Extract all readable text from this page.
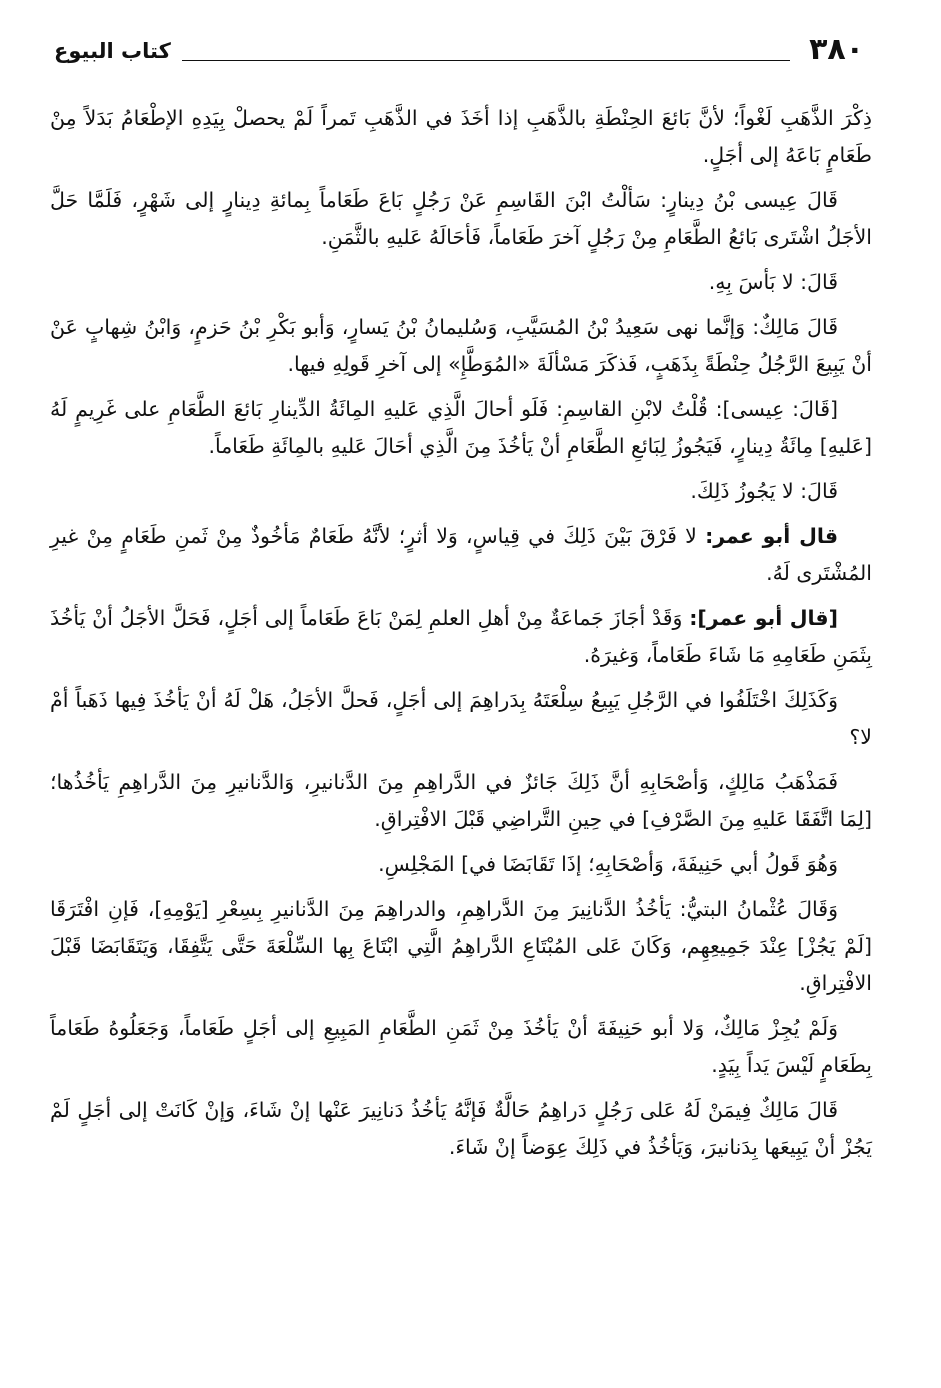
٣٨٠
كتاب البيوع

ذِكْرَ الذَّهَبِ لَغْواً؛ لأنَّ بَائعَ الحِنْطَةِ بالذَّهَبِ إذا أخَذَ في الذَّهَبِ تَمراً لَمْ يحصلْ بِيَدِهِ الإطْعَامُ بَدَلاً مِنْ طَعَامٍ بَاعَهُ إلى أجَلٍ.

قَالَ عِيسى بْنُ دِينارٍ: سَألْتُ ابْنَ القَاسِمِ عَنْ رَجُلٍ بَاعَ طَعَاماً بِمائةِ دِينارٍ إلى شَهْرٍ، فَلَمَّا حَلَّ الأجَلُ اشْتَرى بَائعُ الطَّعَامِ مِنْ رَجُلٍ آخرَ طَعَاماً، فَأحَالَهُ عَليهِ بالثَّمَنِ.

قَالَ: لا بَأسَ بِهِ.

قَالَ مَالِكٌ: وَإنَّما نهى سَعِيدُ بْنُ المُسَيَّبِ، وَسُليمانُ بْنُ يَسارٍ، وَأبو بَكْرِ بْنُ حَزمٍ، وَابْنُ شِهابٍ عَنْ أنْ يَبِيعَ الرَّجُلُ حِنْطَةً بِذَهَبٍ، فَذكَرَ مَسْألَةَ «المُوَطَّإِ» إلى آخرِ قَولِهِ فيها.

[قَالَ: عِيسى]: قُلْتُ لابْنِ القاسِمِ: فَلَو أحالَ الَّذِي عَليهِ المِائَةُ الدِّينارِ بَائعَ الطَّعَامِ على غَرِيمٍ لَهُ [عَليهِ] مِائَةُ دِينارٍ، فَيَجُوزُ لِبَائعِ الطَّعَامِ أنْ يَأخُذَ مِنَ الَّذِي أحَالَ عَليهِ بالمِائَةِ طَعَاماً.

قَالَ: لا يَجُوزُ ذَلِكَ.

قال أبو عمر: لا فَرْقَ بَيْنَ ذَلِكَ في قِياسٍ، وَلا أثرٍ؛ لأنَّهُ طَعَامٌ مَأخُوذٌ مِنْ ثَمنِ طَعَامٍ مِنْ غيرِ المُشْتَرى لَهُ.

[قال أبو عمر]: وَقَدْ أجَازَ جَماعَةٌ مِنْ أهلِ العلمِ لِمَنْ بَاعَ طَعَاماً إلى أجَلٍ، فَحَلَّ الأجَلُ أنْ يَأخُذَ بِثَمَنِ طَعَامِهِ مَا شَاءَ طَعَاماً، وَغيرَهُ.

وَكَذَلِكَ اخْتَلَفُوا في الرَّجُلِ يَبِيعُ سِلْعَتَهُ بِدَراهِمَ إلى أجَلٍ، فَحلَّ الأجَلُ، هَلْ لَهُ أنْ يَأخُذَ فِيها ذَهَباً أمْ لا؟

فَمَذْهَبُ مَالِكٍ، وَأصْحَابِهِ أنَّ ذَلِكَ جَائزٌ في الدَّراهِمِ مِنَ الدَّنانيرِ، وَالدَّنانيرِ مِنَ الدَّراهِمِ يَأخُذُها؛ [لِمَا اتَّفَقَا عَليهِ مِنَ الصَّرْفِ] في حِينِ التَّراضِي قَبْلَ الافْتِراقِ.

وَهُوَ قَولُ أبي حَنِيفَةَ، وَأصْحَابِهِ؛ إذَا تَقَابَضَا في] المَجْلِسِ.

وَقَالَ عُثْمانُ البتيُّ: يَأخُذُ الدَّنانِيرَ مِنَ الدَّراهِمِ، والدراهِمَ مِنَ الدَّنانيرِ بِسِعْرِ [يَوْمِهِ]، فَإنِ افْتَرَقَا [لَمْ يَجُزْ] عِنْدَ جَمِيعِهِم، وَكَانَ عَلى المُبْتَاعِ الدَّراهِمُ الَّتِي ابْتَاعَ بِها السِّلْعَةَ حَتَّى يَتَّفِقَا، وَيَتَقَابَضَا قَبْلَ الافْتِراقِ.

وَلَمْ يُجِزْ مَالِكٌ، وَلا أبو حَنِيفَةَ أنْ يَأخُذَ مِنْ ثَمَنِ الطَّعَامِ المَبِيعِ إلى أجَلٍ طَعَاماً، وَجَعَلُوهُ طَعَاماً بِطَعَامٍ لَيْسَ يَداً بِيَدٍ.

قَالَ مَالِكٌ فِيمَنْ لَهُ عَلى رَجُلٍ دَراهِمُ حَالَّةٌ فَإنَّهُ يَأخُذُ دَنانِيرَ عَنْها إنْ شَاءَ، وَإنْ كَانَتْ إلى أجَلٍ لَمْ يَجُزْ أنْ يَبِيعَها بِدَنانيرَ، وَيَأخُذُ في ذَلِكَ عِوَضاً إنْ شَاءَ.
